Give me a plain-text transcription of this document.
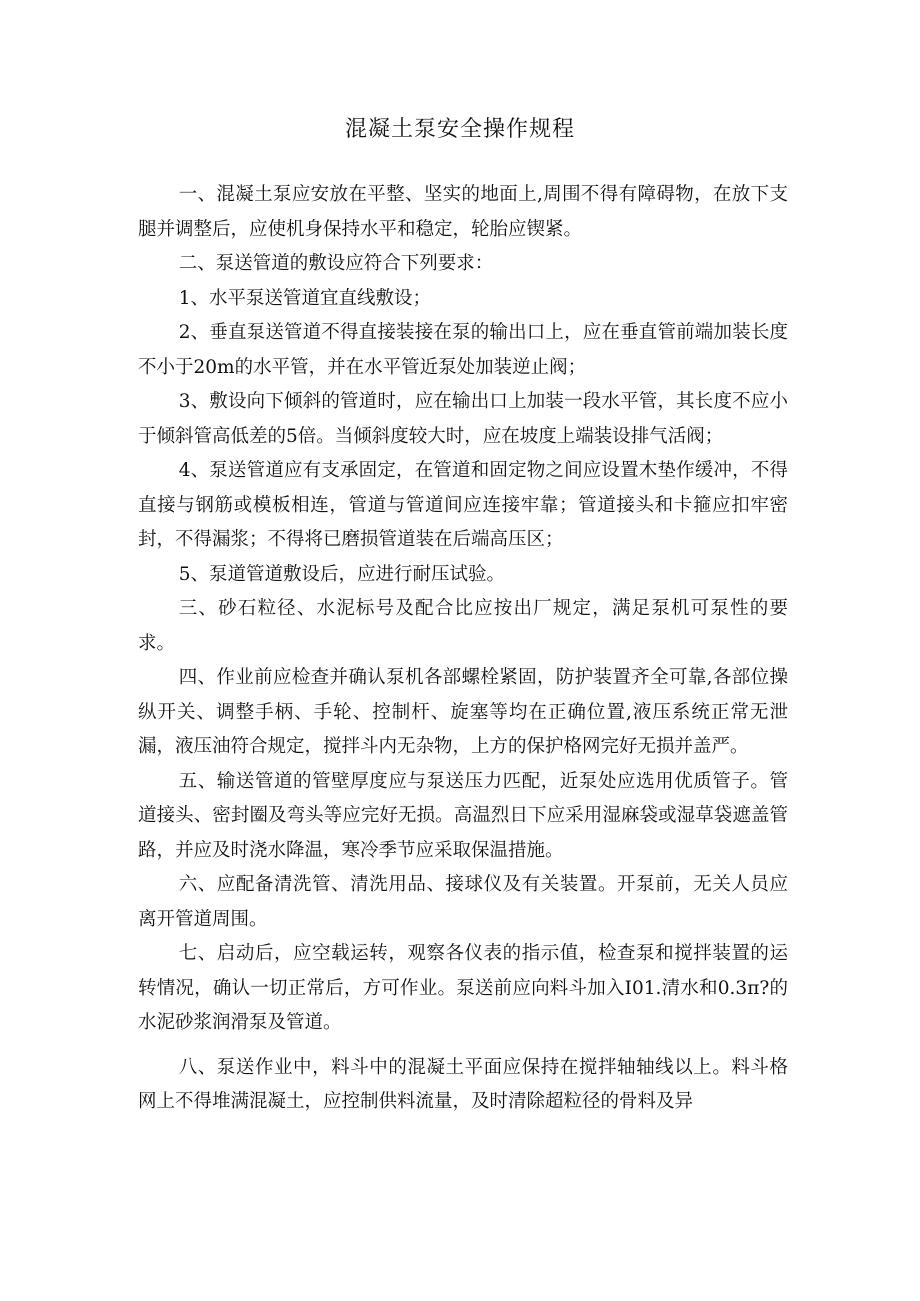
混凝土泵安全操作规程

一、混凝土泵应安放在平整、坚实的地面上,周围不得有障碍物，在放下支腿并调整后，应使机身保持水平和稳定，轮胎应锲紧。

二、泵送管道的敷设应符合下列要求：

1、水平泵送管道宜直线敷设；

2、垂直泵送管道不得直接装接在泵的输出口上，应在垂直管前端加装长度不小于20m的水平管，并在水平管近泵处加装逆止阀；

3、敷设向下倾斜的管道时，应在输出口上加装一段水平管，其长度不应小于倾斜管高低差的5倍。当倾斜度较大时，应在坡度上端装设排气活阀；

4、泵送管道应有支承固定，在管道和固定物之间应设置木垫作缓冲，不得直接与钢筋或模板相连，管道与管道间应连接牢靠；管道接头和卡箍应扣牢密封，不得漏浆；不得将已磨损管道装在后端高压区；

5、泵道管道敷设后，应进行耐压试验。

三、砂石粒径、水泥标号及配合比应按出厂规定，满足泵机可泵性的要求。

四、作业前应检查并确认泵机各部螺栓紧固，防护装置齐全可靠,各部位操纵开关、调整手柄、手轮、控制杆、旋塞等均在正确位置,液压系统正常无泄漏，液压油符合规定，搅拌斗内无杂物，上方的保护格网完好无损并盖严。

五、输送管道的管壁厚度应与泵送压力匹配，近泵处应选用优质管子。管道接头、密封圈及弯头等应完好无损。高温烈日下应采用湿麻袋或湿草袋遮盖管路，并应及时浇水降温，寒冷季节应采取保温措施。

六、应配备清洗管、清洗用品、接球仪及有关装置。开泵前，无关人员应离开管道周围。

七、启动后，应空载运转，观察各仪表的指示值，检查泵和搅拌装置的运转情况，确认一切正常后，方可作业。泵送前应向料斗加入I01.清水和0.3π?的水泥砂浆润滑泵及管道。

八、泵送作业中，料斗中的混凝土平面应保持在搅拌轴轴线以上。料斗格网上不得堆满混凝土，应控制供料流量，及时清除超粒径的骨料及异
